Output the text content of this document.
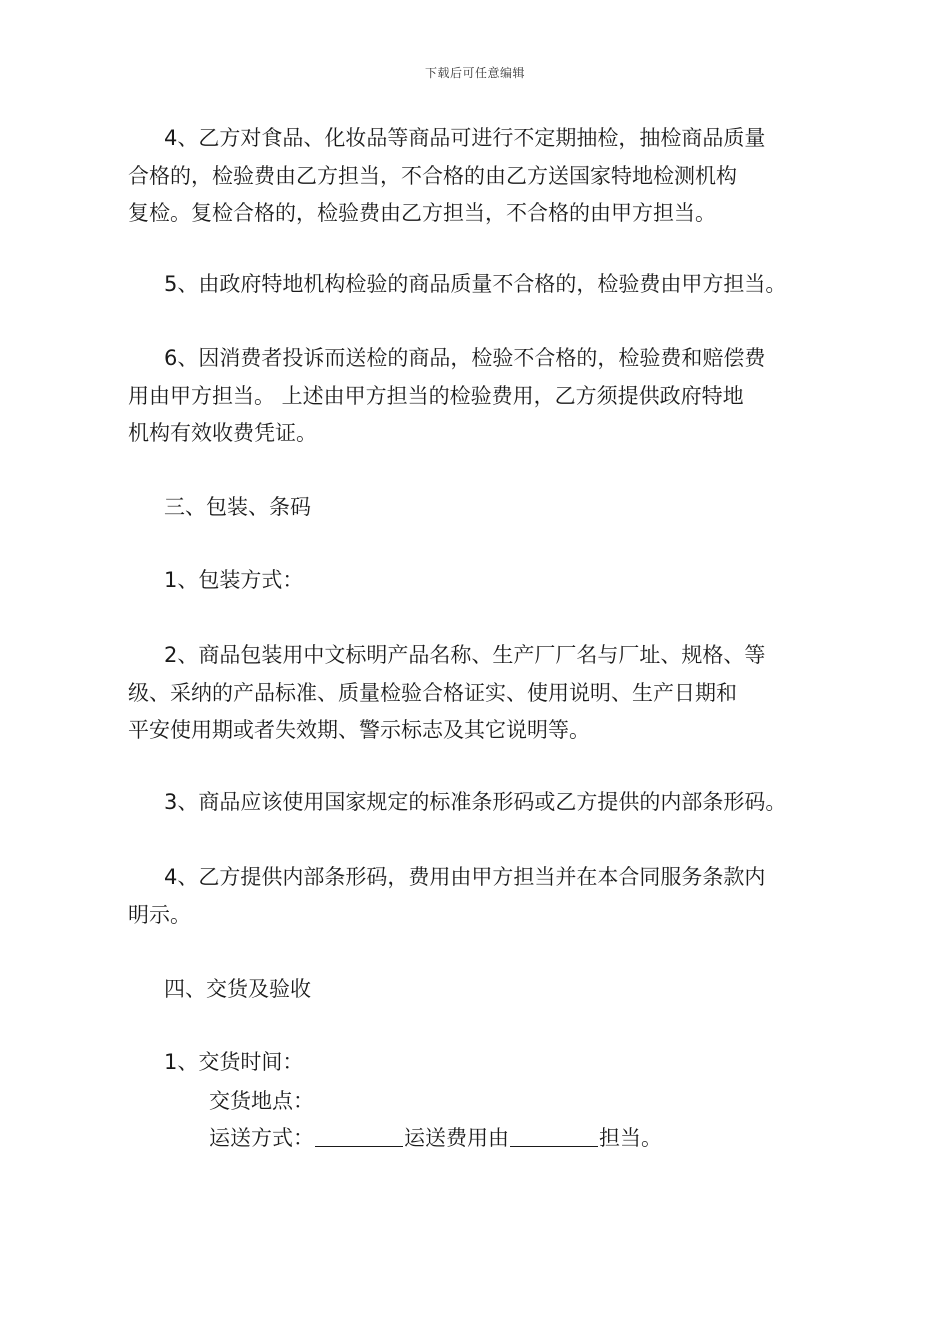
下载后可任意编辑
4、乙方对食品、化妆品等商品可进行不定期抽检，抽检商品质量
合格的，检验费由乙方担当，不合格的由乙方送国家特地检测机构
复检。复检合格的，检验费由乙方担当，不合格的由甲方担当。
5、由政府特地机构检验的商品质量不合格的，检验费由甲方担当。
6、因消费者投诉而送检的商品，检验不合格的，检验费和赔偿费
用由甲方担当。 上述由甲方担当的检验费用，乙方须提供政府特地
机构有效收费凭证。
三、包装、条码
1、包装方式：
2、商品包装用中文标明产品名称、生产厂厂名与厂址、规格、等
级、采纳的产品标准、质量检验合格证实、使用说明、生产日期和
平安使用期或者失效期、警示标志及其它说明等。
3、商品应该使用国家规定的标准条形码或乙方提供的内部条形码。
4、乙方提供内部条形码，费用由甲方担当并在本合同服务条款内
明示。
四、交货及验收
1、交货时间：
交货地点：
运送方式：	运送费用由	担当。
